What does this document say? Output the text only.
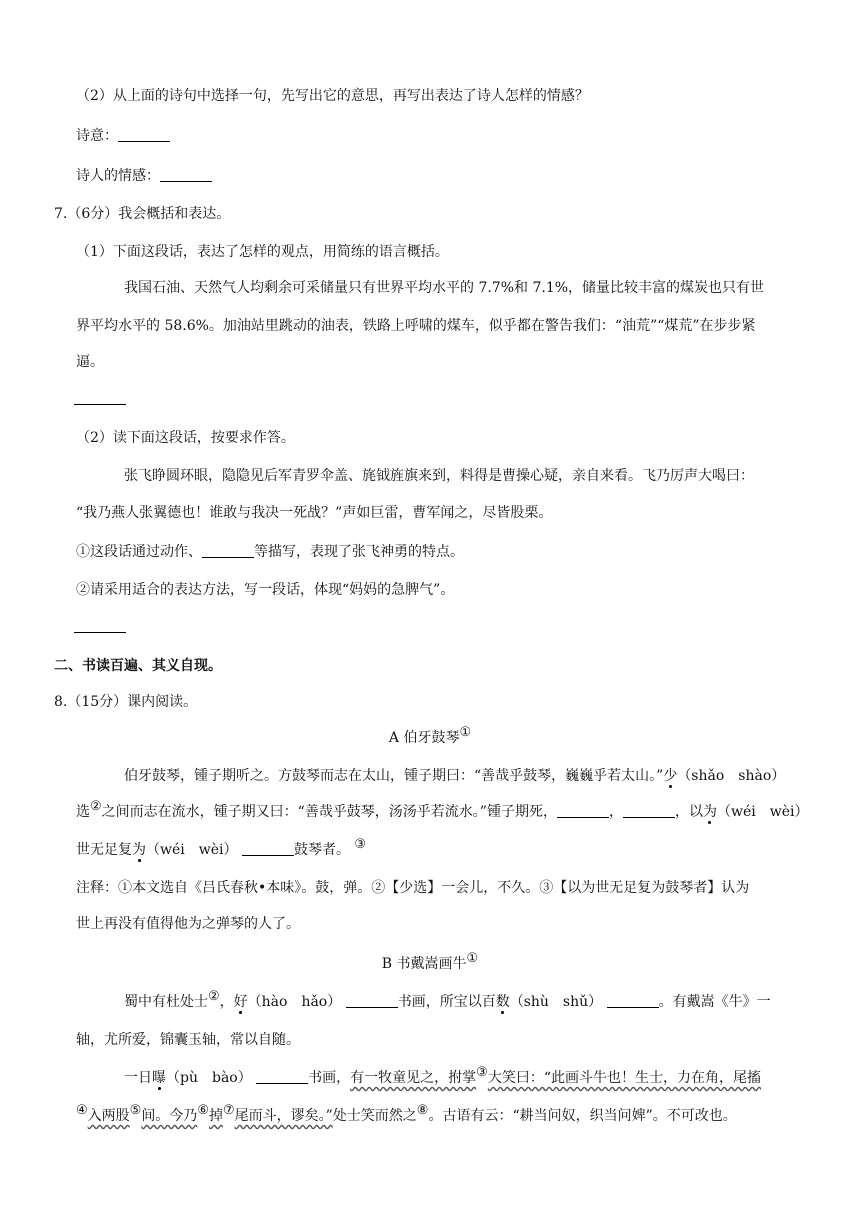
（2）从上面的诗句中选择一句，先写出它的意思，再写出表达了诗人怎样的情感？
诗意：
诗人的情感：
7.（6分）我会概括和表达。
（1）下面这段话，表达了怎样的观点，用简练的语言概括。
我国石油、天然气人均剩余可采储量只有世界平均水平的 7.7%和 7.1%，储量比较丰富的煤炭也只有世
界平均水平的 58.6%。加油站里跳动的油表，铁路上呼啸的煤车，似乎都在警告我们：“油荒”“煤荒”在步步紧
逼。
（2）读下面这段话，按要求作答。
张飞睁圆环眼，隐隐见后军青罗伞盖、旄钺旌旗来到，料得是曹操心疑，亲自来看。飞乃厉声大喝曰：
“我乃燕人张翼德也！谁敢与我决一死战？”声如巨雷，曹军闻之，尽皆股栗。
①这段话通过动作、	等描写，表现了张飞神勇的特点。
②请采用适合的表达方法，写一段话，体现“妈妈的急脾气”。
二、书读百遍、其义自现。
8.（15分）课内阅读。
A 伯牙鼓琴①
伯牙鼓琴，锺子期听之。方鼓琴而志在太山，锺子期曰：“善哉乎鼓琴，巍巍乎若太山。”少（shǎo　shào）
选②之间而志在流水，锺子期又曰：“善哉乎鼓琴，汤汤乎若流水。”锺子期死，	，	，以为（wéi　wèi）
世无足复为（wéi　wèi）	鼓琴者。 ③
注释：①本文选自《吕氏春秋•本味》。鼓，弹。②【少选】一会儿，不久。③【以为世无足复为鼓琴者】认为
世上再没有值得他为之弹琴的人了。
B 书戴嵩画牛①
蜀中有杜处士②，好（hào　hǎo）	书画，所宝以百数（shù　shǔ）	。有戴嵩《牛》一
轴，尤所爱，锦囊玉轴，常以自随。
一日曝（pù　bào）	书画，有一牧童见之，拊掌③大笑曰：“此画斗牛也！生士，力在角，尾搐
④入两股⑤间。今乃⑥掉⑦尾而斗，谬矣。”处士笑而然之⑧。古语有云：“耕当问奴，织当问婢”。不可改也。
